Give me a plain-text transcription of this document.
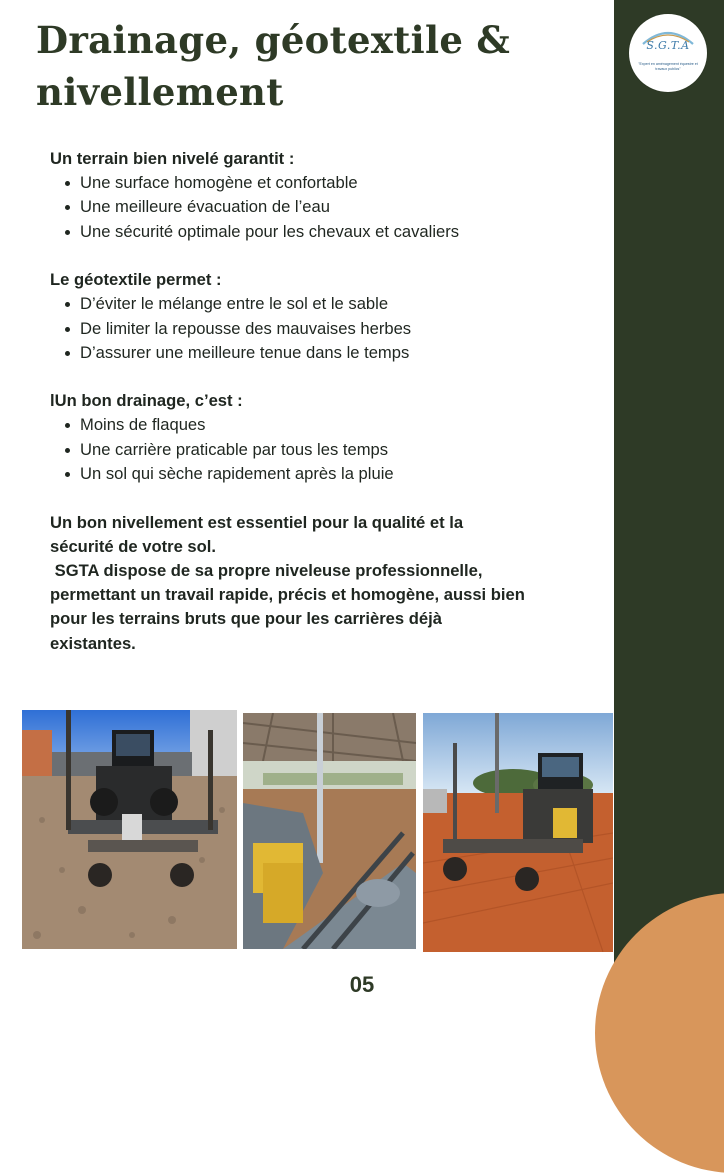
S.G.T.A
"Expert en aménagement équestre et travaux publics"
Drainage, géotextile & nivellement
Un terrain bien nivelé garantit :
Une surface homogène et confortable
Une meilleure évacuation de l’eau
Une sécurité optimale pour les chevaux et cavaliers
Le géotextile permet :
D’éviter le mélange entre le sol et le sable
De limiter la repousse des mauvaises herbes
D’assurer une meilleure tenue dans le temps
lUn bon drainage, c’est :
Moins de flaques
Une carrière praticable par tous les temps
Un sol qui sèche rapidement après la pluie
Un bon nivellement est essentiel pour la qualité et la sécurité de votre sol.
SGTA dispose de sa propre niveleuse professionnelle, permettant un travail rapide, précis et homogène, aussi bien pour les terrains bruts que pour les carrières déjà existantes.
05
